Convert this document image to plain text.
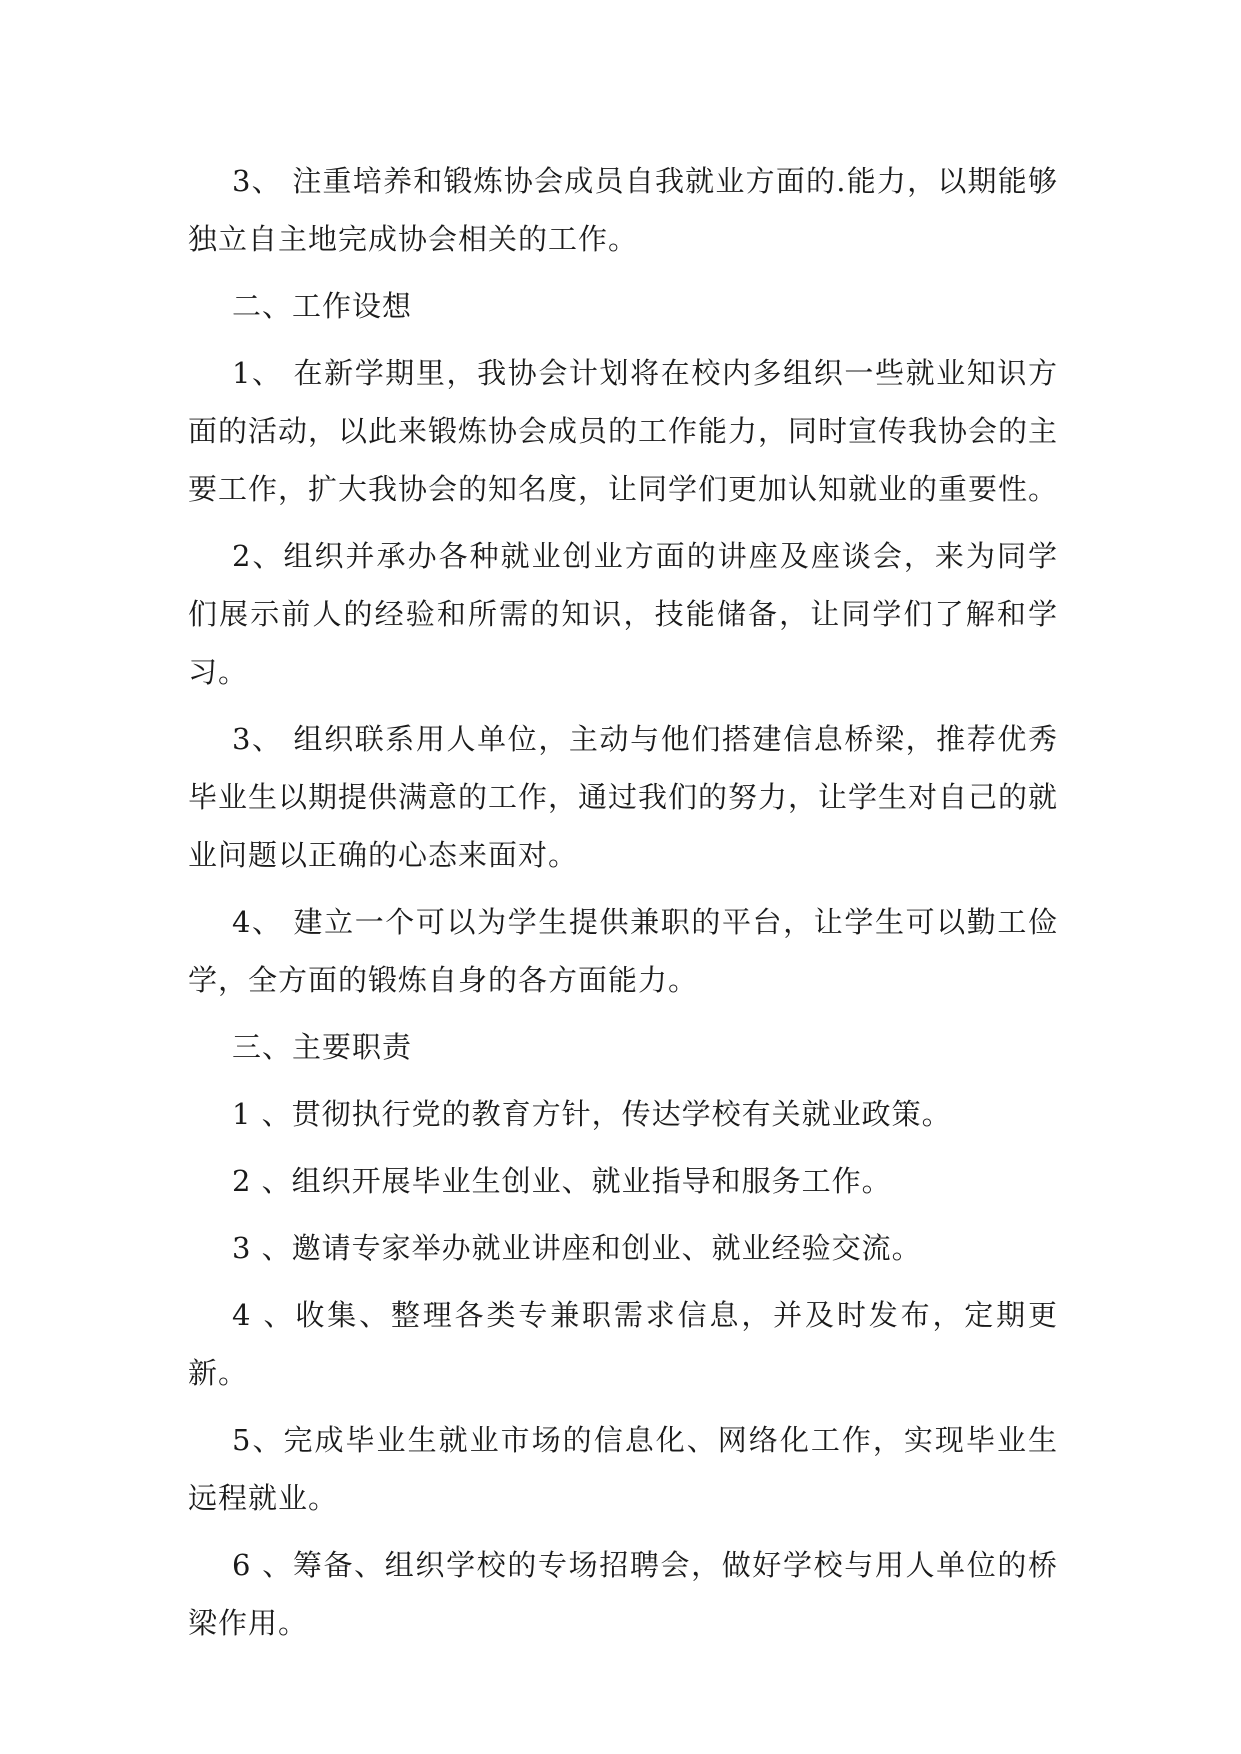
3、 注重培养和锻炼协会成员自我就业方面的.能力，以期能够独立自主地完成协会相关的工作。

二、工作设想

1、 在新学期里，我协会计划将在校内多组织一些就业知识方面的活动，以此来锻炼协会成员的工作能力，同时宣传我协会的主要工作，扩大我协会的知名度，让同学们更加认知就业的重要性。

2、组织并承办各种就业创业方面的讲座及座谈会，来为同学们展示前人的经验和所需的知识，技能储备，让同学们了解和学习。

3、 组织联系用人单位，主动与他们搭建信息桥梁，推荐优秀毕业生以期提供满意的工作，通过我们的努力，让学生对自己的就业问题以正确的心态来面对。

4、 建立一个可以为学生提供兼职的平台，让学生可以勤工俭学，全方面的锻炼自身的各方面能力。

三、主要职责

1 、贯彻执行党的教育方针，传达学校有关就业政策。

2 、组织开展毕业生创业、就业指导和服务工作。

3 、邀请专家举办就业讲座和创业、就业经验交流。

4 、收集、整理各类专兼职需求信息，并及时发布，定期更新。

5、完成毕业生就业市场的信息化、网络化工作，实现毕业生远程就业。

6 、筹备、组织学校的专场招聘会，做好学校与用人单位的桥梁作用。
